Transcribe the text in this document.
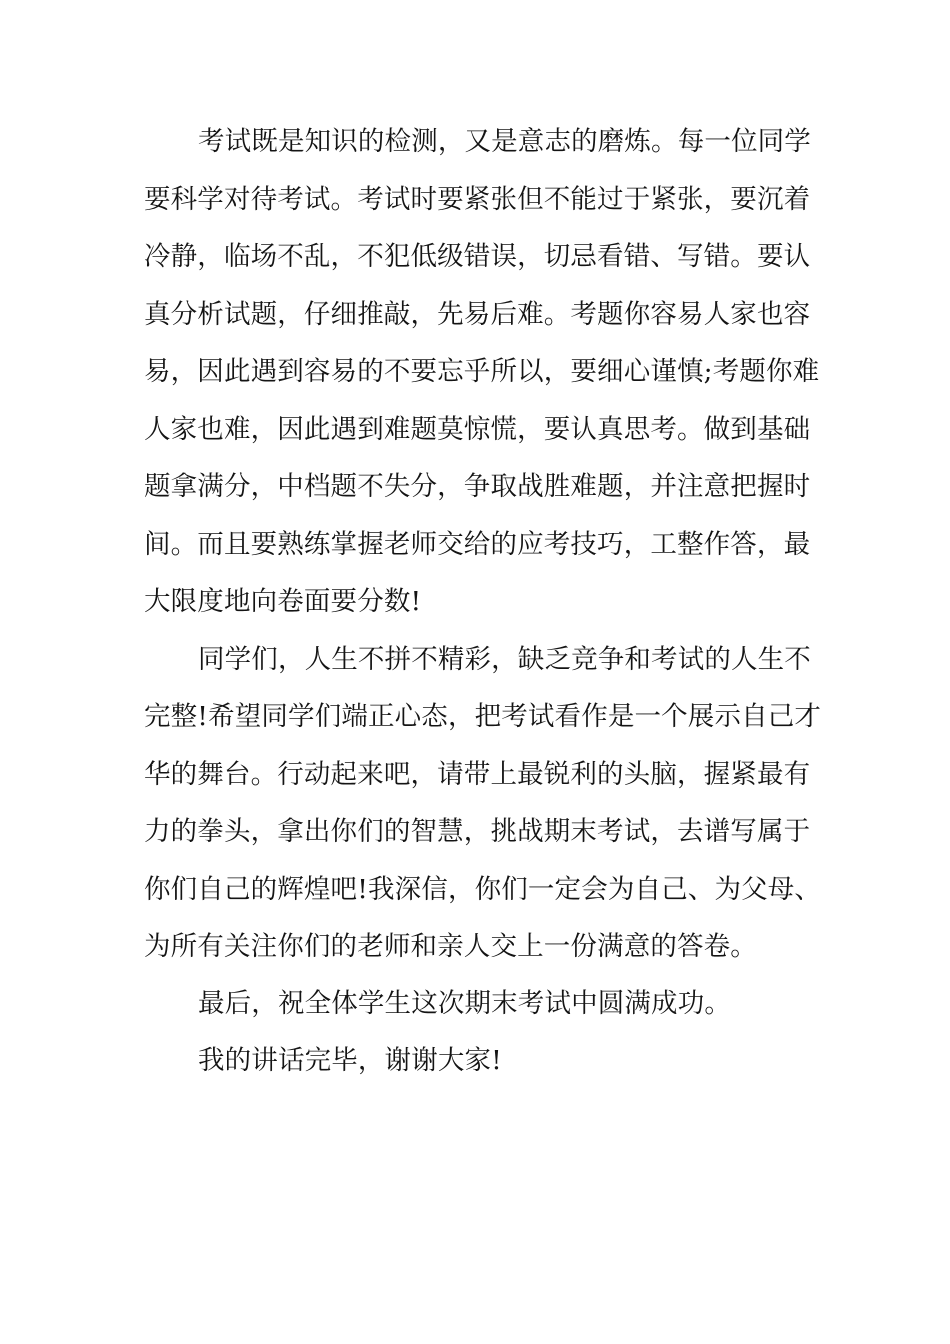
考试既是知识的检测，又是意志的磨炼。每一位同学
要科学对待考试。考试时要紧张但不能过于紧张，要沉着
冷静，临场不乱，不犯低级错误，切忌看错、写错。要认
真分析试题，仔细推敲，先易后难。考题你容易人家也容
易，因此遇到容易的不要忘乎所以，要细心谨慎;考题你难
人家也难，因此遇到难题莫惊慌，要认真思考。做到基础
题拿满分，中档题不失分，争取战胜难题，并注意把握时
间。而且要熟练掌握老师交给的应考技巧，工整作答，最
大限度地向卷面要分数!
同学们，人生不拼不精彩，缺乏竞争和考试的人生不
完整!希望同学们端正心态，把考试看作是一个展示自己才
华的舞台。行动起来吧，请带上最锐利的头脑，握紧最有
力的拳头，拿出你们的智慧，挑战期末考试，去谱写属于
你们自己的辉煌吧!我深信，你们一定会为自己、为父母、
为所有关注你们的老师和亲人交上一份满意的答卷。
最后，祝全体学生这次期末考试中圆满成功。
我的讲话完毕，谢谢大家!
